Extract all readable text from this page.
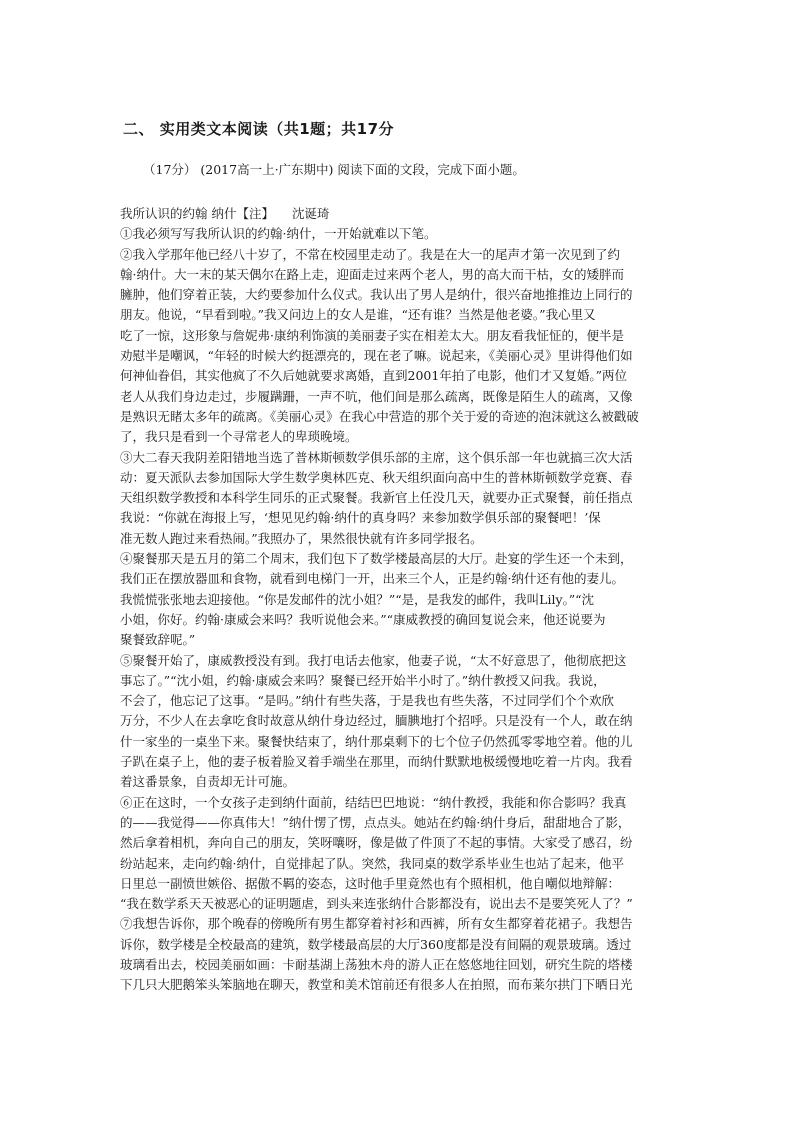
二、 实用类文本阅读（共1题；共17分
（17分） (2017高一上·广东期中) 阅读下面的文段，完成下面小题。
我所认识的约翰 纳什【注】 沈诞琦
①我必须写写我所认识的约翰·纳什，一开始就难以下笔。
②我入学那年他已经八十岁了，不常在校园里走动了。我是在大一的尾声才第一次见到了约
翰·纳什。大一末的某天偶尔在路上走，迎面走过来两个老人，男的高大而干枯，女的矮胖而
臃肿，他们穿着正装，大约要参加什么仪式。我认出了男人是纳什，很兴奋地推推边上同行的
朋友。他说，“早看到啦。”我又问边上的女人是谁，“还有谁？当然是他老婆。”我心里又
吃了一惊，这形象与詹妮弗·康纳利饰演的美丽妻子实在相差太大。朋友看我怔怔的，便半是
劝慰半是嘲讽，“年轻的时候大约挺漂亮的，现在老了嘛。说起来，《美丽心灵》里讲得他们如
何神仙眷侣，其实他疯了不久后她就要求离婚，直到2001年拍了电影，他们才又复婚。”两位
老人从我们身边走过，步履蹒跚，一声不吭，他们间是那么疏离，既像是陌生人的疏离，又像
是熟识无睹太多年的疏离。《美丽心灵》在我心中营造的那个关于爱的奇迹的泡沫就这么被戳破
了，我只是看到一个寻常老人的卑琐晚境。
③大二春天我阴差阳错地当选了普林斯顿数学俱乐部的主席，这个俱乐部一年也就搞三次大活
动：夏天派队去参加国际大学生数学奥林匹克、秋天组织面向高中生的普林斯顿数学竞赛、春
天组织数学教授和本科学生同乐的正式聚餐。我新官上任没几天，就要办正式聚餐，前任指点
我说：“你就在海报上写，‘想见见约翰·纳什的真身吗？来参加数学俱乐部的聚餐吧！’保
准无数人跑过来看热闹。”我照办了，果然很快就有许多同学报名。
④聚餐那天是五月的第二个周末，我们包下了数学楼最高层的大厅。赴宴的学生还一个未到，
我们正在摆放器皿和食物，就看到电梯门一开，出来三个人，正是约翰·纳什还有他的妻儿。
我慌慌张张地去迎接他。“你是发邮件的沈小姐？”“是，是我发的邮件，我叫Lily。”“沈
小姐，你好。约翰·康威会来吗？我听说他会来。”“康威教授的确回复说会来，他还说要为
聚餐致辞呢。”
⑤聚餐开始了，康威教授没有到。我打电话去他家，他妻子说，“太不好意思了，他彻底把这
事忘了。”“沈小姐，约翰·康威会来吗？聚餐已经开始半小时了。”纳什教授又问我。我说，
不会了，他忘记了这事。“是吗。”纳什有些失落，于是我也有些失落，不过同学们个个欢欣
万分，不少人在去拿吃食时故意从纳什身边经过，腼腆地打个招呼。只是没有一个人，敢在纳
什一家坐的一桌坐下来。聚餐快结束了，纳什那桌剩下的七个位子仍然孤零零地空着。他的儿
子趴在桌子上，他的妻子板着脸叉着手端坐在那里，而纳什默默地极缓慢地吃着一片肉。我看
着这番景象，自责却无计可施。
⑥正在这时，一个女孩子走到纳什面前，结结巴巴地说：“纳什教授，我能和你合影吗？我真
的——我觉得——你真伟大！”纳什愣了愣，点点头。她站在约翰·纳什身后，甜甜地合了影，
然后拿着相机，奔向自己的朋友，笑呀嚷呀，像是做了件顶了不起的事情。大家受了感召，纷
纷站起来，走向约翰·纳什，自觉排起了队。突然，我同桌的数学系毕业生也站了起来，他平
日里总一副愤世嫉俗、据傲不羁的姿态，这时他手里竟然也有个照相机，他自嘲似地辩解：
“我在数学系天天被恶心的证明题虐，到头来连张纳什合影都没有，说出去不是要笑死人了？”
⑦我想告诉你，那个晚春的傍晚所有男生都穿着衬衫和西裤，所有女生都穿着花裙子。我想告
诉你，数学楼是全校最高的建筑，数学楼最高层的大厅360度都是没有间隔的观景玻璃。透过
玻璃看出去，校园美丽如画：卡耐基湖上荡独木舟的游人正在悠悠地往回划，研究生院的塔楼
下几只大肥鹅笨头笨脑地在聊天，教堂和美术馆前还有很多人在拍照，而布莱尔拱门下晒日光
